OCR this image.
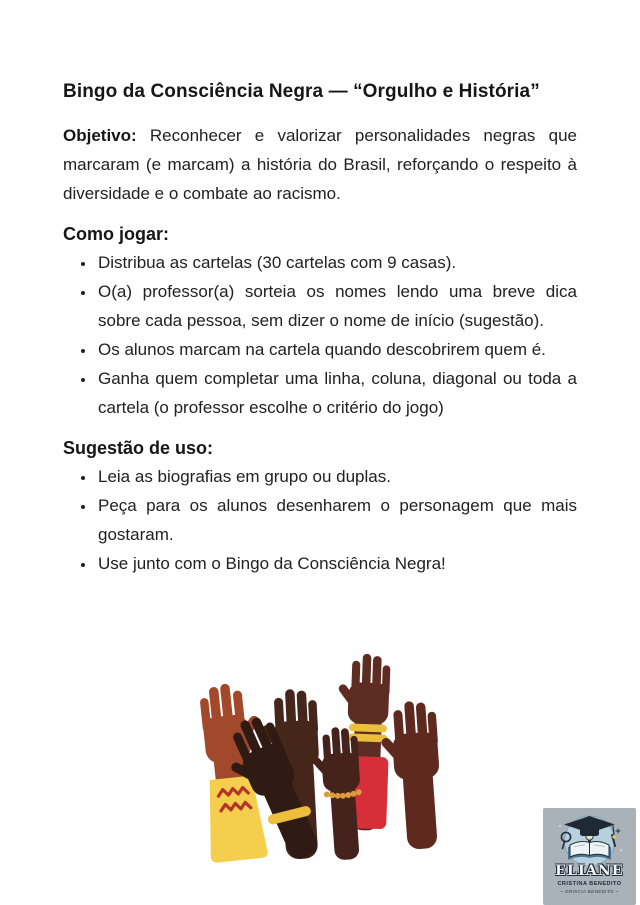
Bingo da Consciência Negra — “Orgulho e História”

Objetivo: Reconhecer e valorizar personalidades negras que marcaram (e marcam) a história do Brasil, reforçando o respeito à diversidade e o combate ao racismo.

Como jogar:
• Distribua as cartelas (30 cartelas com 9 casas).
• O(a) professor(a) sorteia os nomes lendo uma breve dica sobre cada pessoa, sem dizer o nome de início (sugestão).
• Os alunos marcam na cartela quando descobrirem quem é.
• Ganha quem completar uma linha, coluna, diagonal ou toda a cartela (o professor escolhe o critério do jogo)
Sugestão de uso:
• Leia as biografias em grupo ou duplas.
• Peça para os alunos desenharem o personagem que mais gostaram.
• Use junto com o Bingo da Consciência Negra!
ELIANE
CRISTINA BENEDITO
~ GRISCIA BENEDITO ~
